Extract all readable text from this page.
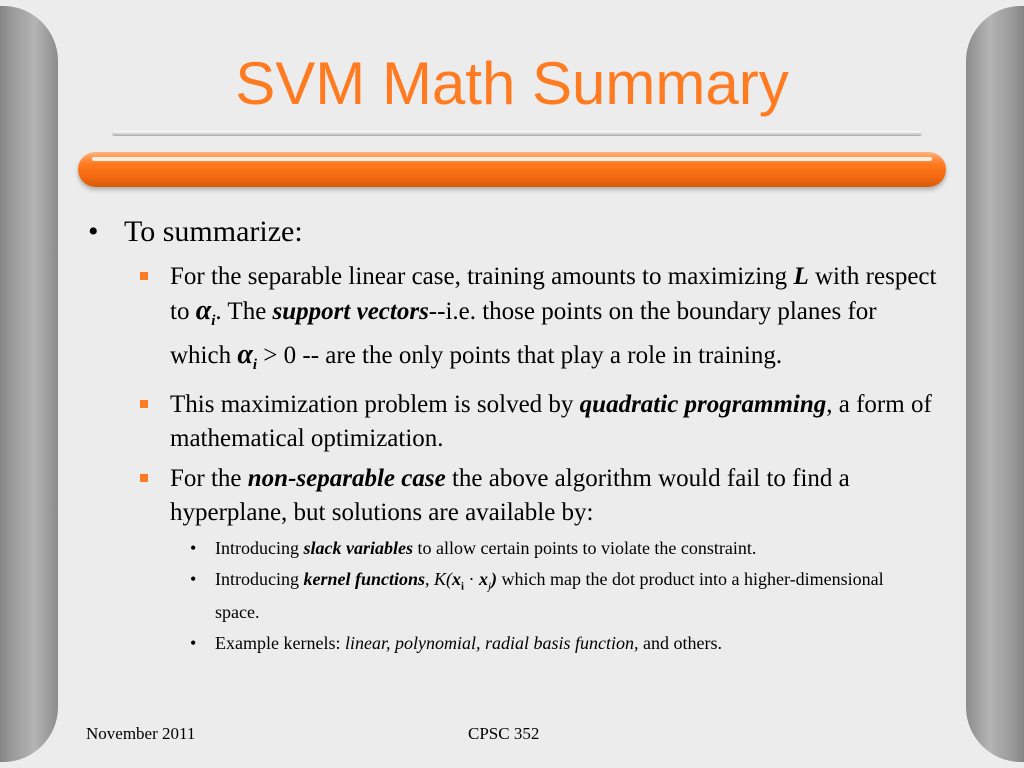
SVM Math Summary
• To summarize:
For the separable linear case, training amounts to maximizing L with respect to $\alpha_i$. The support vectors--i.e. those points on the boundary planes for which $\alpha_i > 0$ -- are the only points that play a role in training.
This maximization problem is solved by quadratic programming, a form of mathematical optimization.
For the non-separable case the above algorithm would fail to find a hyperplane, but solutions are available by:
• Introducing slack variables to allow certain points to violate the constraint.
• Introducing kernel functions, $K(x_i \cdot x_j)$ which map the dot product into a higher-dimensional space.
• Example kernels: linear, polynomial, radial basis function, and others.
November 2011	CPSC 352
